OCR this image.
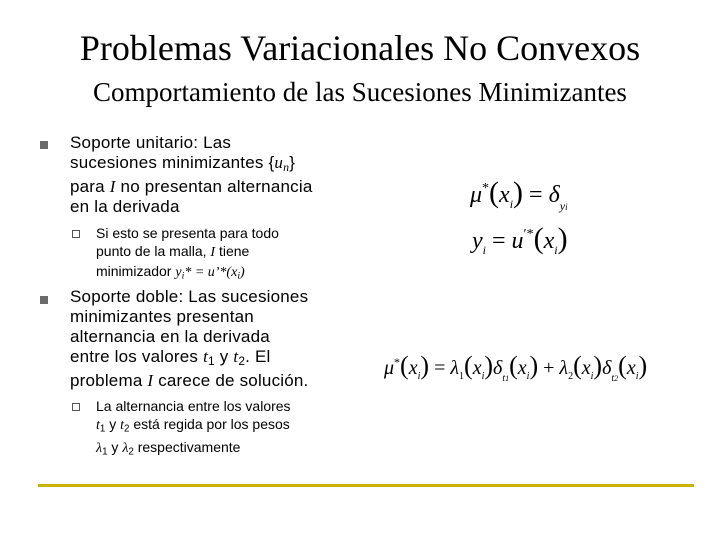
Problemas Variacionales No Convexos
Comportamiento de las Sucesiones Minimizantes
Soporte unitario: Las
sucesiones minimizantes $\{u_n\}$
para I no presentan alternancia
en la derivada
Si esto se presenta para todo
punto de la malla, I tiene
minimizador $y_i*$ = $u’*(x_i)$
Soporte doble: Las sucesiones
minimizantes presentan
alternancia en la derivada
entre los valores $t_1$ y $t_2$. El
problema I carece de solución.
La alternancia entre los valores
$t_1$ y $t_2$ está regida por los pesos
$\lambda_1$ y $\lambda_2$ respectivamente
$\mu^*(x_i) = \delta_{yi}$
$y_i = u^{'*}(x_i)$
$\mu^*(x_i) = \lambda_1(x_i)\delta_{t1}(x_i) + \lambda_2(x_i)\delta_{t2}(x_i)$
